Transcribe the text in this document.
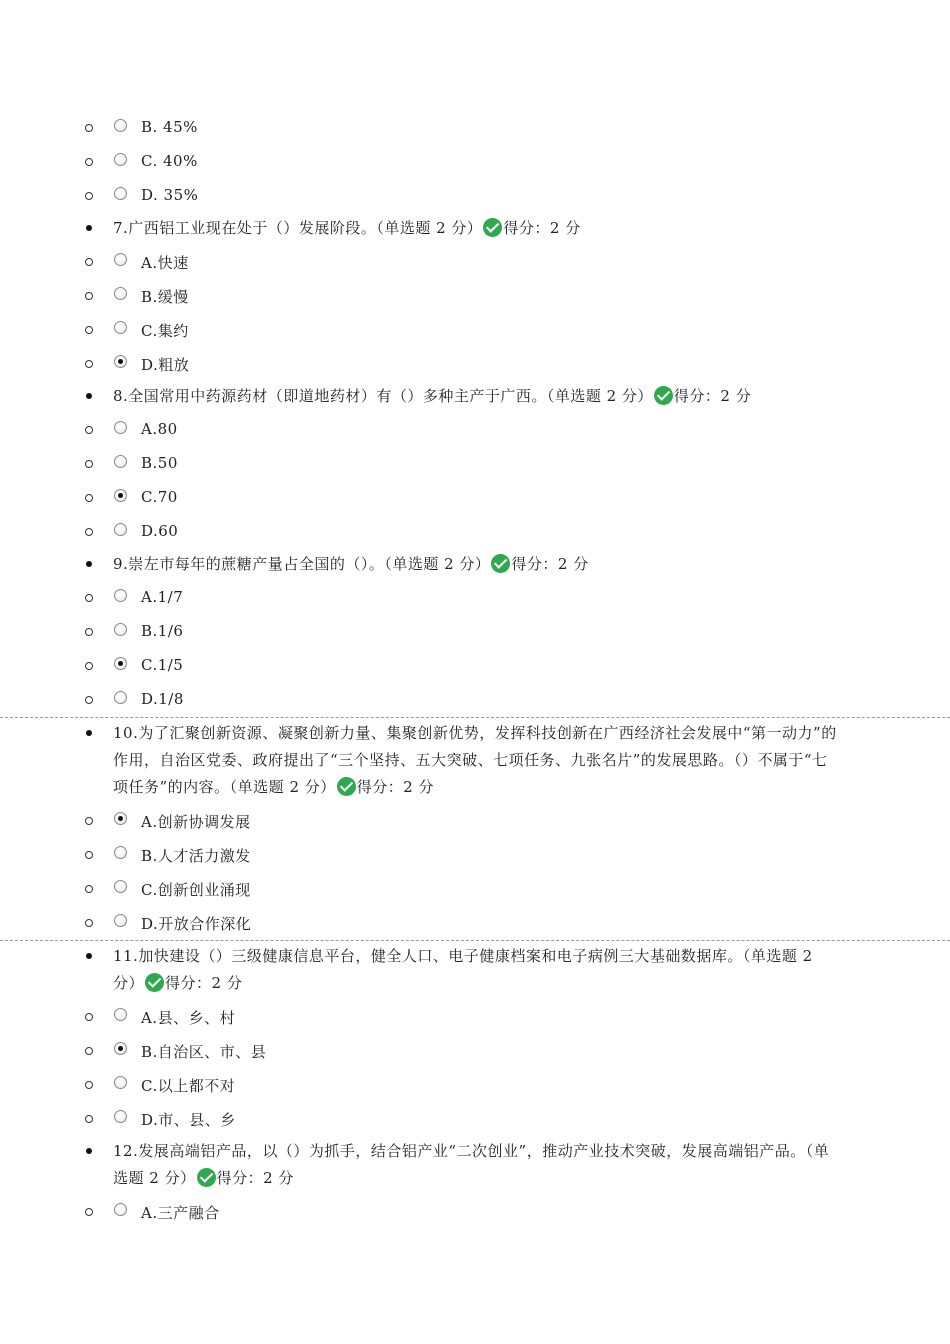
B. 45%
C. 40%
D. 35%
7.广西铝工业现在处于（）发展阶段。（单选题 2 分） 得分：2 分
A.快速
B.缓慢
C.集约
D.粗放
8.全国常用中药源药材（即道地药材）有（）多种主产于广西。（单选题 2 分） 得分：2 分
A.80
B.50
C.70
D.60
9.崇左市每年的蔗糖产量占全国的（）。（单选题 2 分） 得分：2 分
A.1/7
B.1/6
C.1/5
D.1/8
10.为了汇聚创新资源、凝聚创新力量、集聚创新优势，发挥科技创新在广西经济社会发展中“第一动力”的作用，自治区党委、政府提出了“三个坚持、五大突破、七项任务、九张名片”的发展思路。（）不属于“七项任务”的内容。（单选题 2 分） 得分：2 分
A.创新协调发展
B.人才活力激发
C.创新创业涌现
D.开放合作深化
11.加快建设（）三级健康信息平台，健全人口、电子健康档案和电子病例三大基础数据库。（单选题 2 分） 得分：2 分
A.县、乡、村
B.自治区、市、县
C.以上都不对
D.市、县、乡
12.发展高端铝产品，以（）为抓手，结合铝产业“二次创业”，推动产业技术突破，发展高端铝产品。（单选题 2 分） 得分：2 分
A.三产融合
